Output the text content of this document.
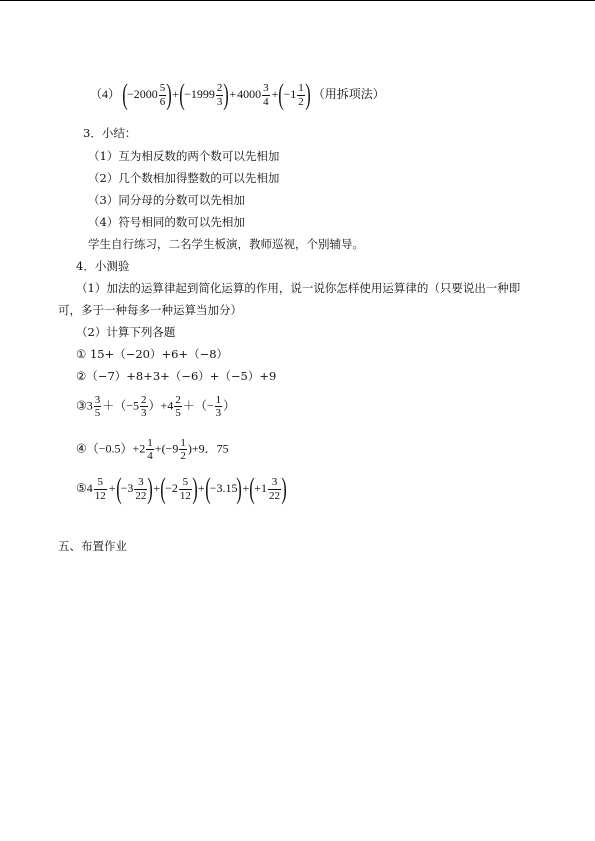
（4） $(-2000 \frac{5}{6} )+(-1999 \frac{2}{3} )+4000 \frac{3}{4} +(-1 \frac{1}{2}$ ) （用拆项法）
3．小结：
（1）互为相反数的两个数可以先相加
（2）几个数相加得整数的可以先相加
（3）同分母的分数可以先相加
（4）符号相同的数可以先相加
学生自行练习，二名学生板演，教师巡视，个别辅导。
4．小测验
（1）加法的运算律起到简化运算的作用，说一说你怎样使用运算律的（只要说出一种即
可，多于一种每多一种运算当加分）
（2）计算下列各题
① 15+（−20）+6+（−8）
②（−7）+8+3+（−6）+（−5）+9
③3 $\frac{3}{5} +(-5 \frac{2}{3} )+4 \frac{2}{5}$ ＋（− $\frac{1}{3}$ ）
④（−0.5）+2 $\frac{1}{4} +(-9 \frac{1}{2} )+9$．75
⑤4 $\frac{5}{12} +(-3 \frac{3}{22} )+(-2 \frac{5}{12} )+(-3.15)+(+1 \frac{3}{22}$ )
五、布置作业
